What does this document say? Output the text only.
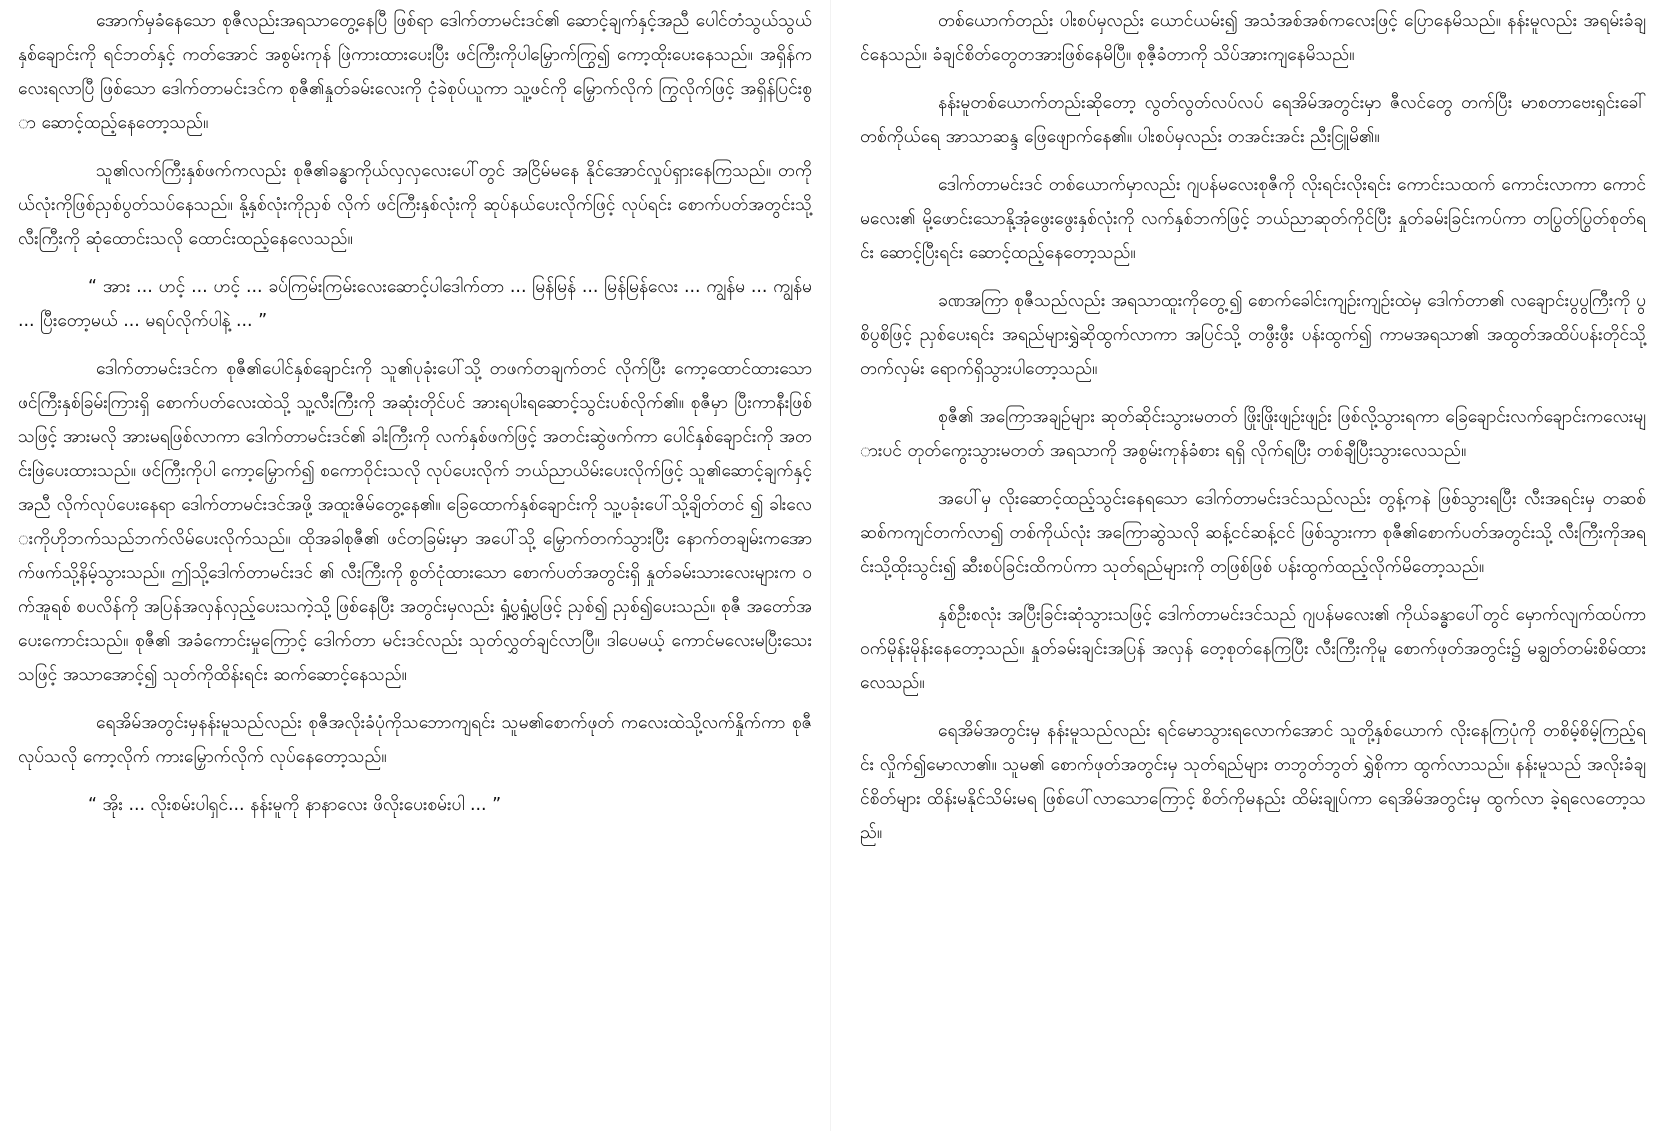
အောက်မှခံနေသော စုဇီလည်းအရသာတွေ့နေပြီ ဖြစ်ရာ ဒေါက်တာမင်းဒင်၏ ဆောင့်ချက်နှင့်အညီ ပေါင်တံသွယ်သွယ်နှစ်ချောင်းကို ရင်ဘတ်နှင့် ကတ်အောင် အစွမ်းကုန် ဖြဲကားထားပေးပြီး ဖင်ကြီးကိုပါမြှောက်ကြွ၍ ကော့ထိုးပေးနေသည်။ အရှိန်ကလေးရလာပြီ ဖြစ်သော ဒေါက်တာမင်းဒင်က စုဇီ၏နှုတ်ခမ်းလေးကို ငုံခဲစုပ်ယူကာ သူ့ဖင်ကို မြှောက်လိုက် ကြွလိုက်ဖြင့် အရှိန်ပြင်းစွာ ဆောင့်ထည့်နေတော့သည်။

သူ၏လက်ကြီးနှစ်ဖက်ကလည်း စုဇီ၏ခန္ဓာကိုယ်လှလှလေးပေါ်တွင် အငြိမ်မနေ နိုင်အောင်လှုပ်ရှားနေကြသည်။ တကိုယ်လုံးကိုဖြစ်ညှစ်ပွတ်သပ်နေသည်။ နို့နှစ်လုံးကိုညှစ် လိုက် ဖင်ကြီးနှစ်လုံးကို ဆုပ်နယ်ပေးလိုက်ဖြင့် လုပ်ရင်း စောက်ပတ်အတွင်းသို့ လီးကြီးကို ဆုံထောင်းသလို ထောင်းထည့်နေလေသည်။

“ အား ... ဟင့် ... ဟင့် ... ခပ်ကြမ်းကြမ်းလေးဆောင့်ပါဒေါက်တာ ... မြန်မြန် ... မြန်မြန်လေး ... ကျွန်မ ... ကျွန်မ ... ပြီးတော့မယ် ... မရပ်လိုက်ပါနဲ့ ... ”

ဒေါက်တာမင်းဒင်က စုဇီ၏ပေါင်နှစ်ချောင်းကို သူ၏ပုခုံးပေါ်သို့ တဖက်တချက်တင် လိုက်ပြီး ကော့ထောင်ထားသော ဖင်ကြီးနှစ်ခြမ်းကြားရှိ စောက်ပတ်လေးထဲသို့ သူ့လီးကြီးကို အဆုံးတိုင်ပင် အားရပါးရဆောင့်သွင်းပစ်လိုက်၏။ စုဇီမှာ ပြီးကာနီးဖြစ်သဖြင့် အားမလို အားမရဖြစ်လာကာ ဒေါက်တာမင်းဒင်၏ ခါးကြီးကို လက်နှစ်ဖက်ဖြင့် အတင်းဆွဲဖက်ကာ ပေါင်နှစ်ချောင်းကို အတင်းဖြဲပေးထားသည်။ ဖင်ကြီးကိုပါ ကော့မြှောက်၍ စကောဝိုင်းသလို လုပ်ပေးလိုက် ဘယ်ညာယိမ်းပေးလိုက်ဖြင့် သူ၏ဆောင့်ချက်နှင့်အညီ လိုက်လုပ်ပေးနေရာ ဒေါက်တာမင်းဒင်အဖို့ အထူးဇိမ်တွေ့နေ၏။ ခြေထောက်နှစ်ချောင်းကို သူ့ပခုံးပေါ်သို့ချိတ်တင် ၍ ခါးလေးကိုဟိုဘက်သည်ဘက်လိမ်ပေးလိုက်သည်။ ထိုအခါစုဇီ၏ ဖင်တခြမ်းမှာ အပေါ်သို့ မြှောက်တက်သွားပြီး နောက်တချမ်းကအောက်ဖက်သို့နိမ့်သွားသည်။ ဤသို့ဒေါက်တာမင်းဒင် ၏ လီးကြီးကို စွတ်ငုံထားသော စောက်ပတ်အတွင်းရှိ နှုတ်ခမ်းသားလေးများက ဝက်အူရစ် စပလိန်ကို အပြန်အလှန်လှည့်ပေးသကဲ့သို့ ဖြစ်နေပြီး အတွင်းမှလည်း ရှုံ့ပွရှုံ့ပွဖြင့် ညှစ်၍ ညှစ်၍ပေးသည်။ စုဇီ အတော်အပေးကောင်းသည်။ စုဇီ၏ အခံကောင်းမှုကြောင့် ဒေါက်တာ မင်းဒင်လည်း သုတ်လွှတ်ချင်လာပြီ။ ဒါပေမယ့် ကောင်မလေးမပြီးသေးသဖြင့် အသာအောင့်၍ သုတ်ကိုထိန်းရင်း ဆက်ဆောင့်နေသည်။

ရေအိမ်အတွင်းမှနန်းမူသည်လည်း စုဇီအလိုးခံပုံကိုသဘောကျရင်း သူမ၏စောက်ဖုတ် ကလေးထဲသို့လက်နှိုက်ကာ စုဇီလုပ်သလို ကော့လိုက် ကားမြှောက်လိုက် လုပ်နေတော့သည်။

“ အိုး ... လိုးစမ်းပါရှင်... နန်းမူကို နာနာလေး ဖိလိုးပေးစမ်းပါ ... ”

တစ်ယောက်တည်း ပါးစပ်မှလည်း ယောင်ယမ်း၍ အသံအစ်အစ်ကလေးဖြင့် ပြောနေမိသည်။ နန်းမူလည်း အရမ်းခံချင်နေသည်။ ခံချင်စိတ်တွေတအားဖြစ်နေမိပြီ။ စုဇီ့ခံတာကို သိပ်အားကျနေမိသည်။

နန်းမူတစ်ယောက်တည်းဆိုတော့ လွတ်လွတ်လပ်လပ် ရေအိမ်အတွင်းမှာ ဇီလင်တွေ တက်ပြီး မာစတာဗေးရှင်းခေါ် တစ်ကိုယ်ရေ အာသာဆန္ဒ ဖြေဖျောက်နေ၏။ ပါးစပ်မှလည်း တအင်းအင်း ညီးငြူမိ၏။

ဒေါက်တာမင်းဒင် တစ်ယောက်မှာလည်း ဂျပန်မလေးစုဇီကို လိုးရင်းလိုးရင်း ကောင်းသထက် ကောင်းလာကာ ကောင်မလေး၏ မို့ဖောင်းသောနို့အုံဖွေးဖွေးနှစ်လုံးကို လက်နှစ်ဘက်ဖြင့် ဘယ်ညာဆုတ်ကိုင်ပြီး နှုတ်ခမ်းခြင်းကပ်ကာ တပြွတ်ပြွတ်စုတ်ရင်း ဆောင့်ပြီးရင်း ဆောင့်ထည့်နေတော့သည်။

ခဏအကြာ စုဇီသည်လည်း အရသာထူးကိုတွေ့၍ စောက်ခေါင်းကျဉ်းကျဉ်းထဲမှ ဒေါက်တာ၏ လချောင်းပွပွကြီးကို ပွစိပွစိဖြင့် ညှစ်ပေးရင်း အရည်များရွှဲဆိုထွက်လာကာ အပြင်သို့ တဖွီးဖွီး ပန်းထွက်၍ ကာမအရသာ၏ အထွတ်အထိပ်ပန်းတိုင်သို့ တက်လှမ်း ရောက်ရှိသွားပါတော့သည်။

စုဇီ၏ အကြောအချဉ်များ ဆုတ်ဆိုင်းသွားမတတ် ဖြိုးဖြိုးဖျဉ်းဖျဉ်း ဖြစ်လို့သွားရကာ ခြေချောင်းလက်ချောင်းကလေးများပင် တုတ်ကွေးသွားမတတ် အရသာကို အစွမ်းကုန်ခံစား ရရှိ လိုက်ရပြီး တစ်ချီပြီးသွားလေသည်။

အပေါ်မှ လိုးဆောင့်ထည့်သွင်းနေရသော ဒေါက်တာမင်းဒင်သည်လည်း တွန့်ကနဲ ဖြစ်သွားရပြီး လီးအရင်းမှ တဆစ်ဆစ်ကကျင်တက်လာ၍ တစ်ကိုယ်လုံး အကြောဆွဲသလို ဆန့်ငင်ဆန့်ငင် ဖြစ်သွားကာ စုဇီ၏စောက်ပတ်အတွင်းသို့ လီးကြီးကိုအရင်းသို့ထိုးသွင်း၍ ဆီးစပ်ခြင်းထိကပ်ကာ သုတ်ရည်များကို တဖြစ်ဖြစ် ပန်းထွက်ထည့်လိုက်မိတော့သည်။

နှစ်ဦးစလုံး အပြီးခြင်းဆုံသွားသဖြင့် ဒေါက်တာမင်းဒင်သည် ဂျပန်မလေး၏ ကိုယ်ခန္ဓာပေါ်တွင် မှောက်လျက်ထပ်ကာ ဝက်မိုန်းမိုန်းနေတော့သည်။ နှုတ်ခမ်းချင်းအပြန် အလှန် တေ့စုတ်နေကြပြီး လီးကြီးကိုမူ စောက်ဖုတ်အတွင်း၌ မချွတ်တမ်းစိမ်ထားလေသည်။

ရေအိမ်အတွင်းမှ နန်းမူသည်လည်း ရင်မောသွားရလောက်အောင် သူတို့နှစ်ယောက် လိုးနေကြပုံကို တစိမ့်စိမ့်ကြည့်ရင်း လှိုက်၍မောလာ၏။ သူမ၏ စောက်ဖုတ်အတွင်းမှ သုတ်ရည်များ တဘွတ်ဘွတ် ရွှဲစိုကာ ထွက်လာသည်။ နန်းမူသည် အလိုးခံချင်စိတ်များ ထိန်းမနိုင်သိမ်းမရ ဖြစ်ပေါ်လာသောကြောင့် စိတ်ကိုမနည်း ထိမ်းချုပ်ကာ ရေအိမ်အတွင်းမှ ထွက်လာ ခဲ့ရလေတော့သည်။
